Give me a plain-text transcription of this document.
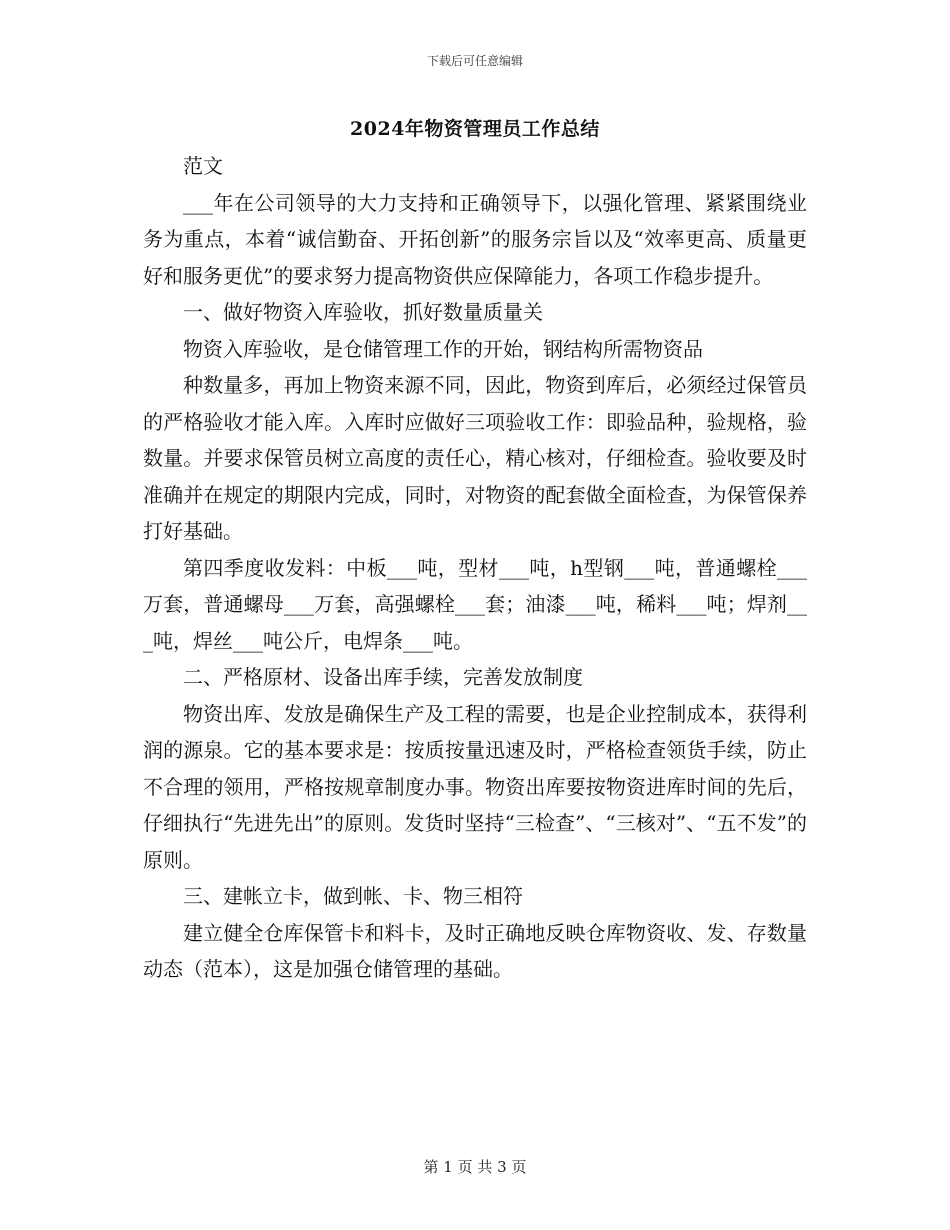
下载后可任意编辑
2024年物资管理员工作总结

范文

___年在公司领导的大力支持和正确领导下，以强化管理、紧紧围绕业务为重点，本着“诚信勤奋、开拓创新”的服务宗旨以及“效率更高、质量更好和服务更优”的要求努力提高物资供应保障能力，各项工作稳步提升。

一、做好物资入库验收，抓好数量质量关

物资入库验收，是仓储管理工作的开始，钢结构所需物资品

种数量多，再加上物资来源不同，因此，物资到库后，必须经过保管员的严格验收才能入库。入库时应做好三项验收工作：即验品种，验规格，验数量。并要求保管员树立高度的责任心，精心核对，仔细检查。验收要及时准确并在规定的期限内完成，同时，对物资的配套做全面检查，为保管保养打好基础。

第四季度收发料：中板___吨，型材___吨，h型钢___吨，普通螺栓___万套，普通螺母___万套，高强螺栓___套；油漆___吨，稀料___吨；焊剂___吨，焊丝___吨公斤，电焊条___吨。

二、严格原材、设备出库手续，完善发放制度

物资出库、发放是确保生产及工程的需要，也是企业控制成本，获得利润的源泉。它的基本要求是：按质按量迅速及时，严格检查领货手续，防止不合理的领用，严格按规章制度办事。物资出库要按物资进库时间的先后，仔细执行“先进先出”的原则。发货时坚持“三检查”、“三核对”、“五不发”的原则。

三、建帐立卡，做到帐、卡、物三相符

建立健全仓库保管卡和料卡，及时正确地反映仓库物资收、发、存数量动态（范本），这是加强仓储管理的基础。

第 1 页 共 3 页
